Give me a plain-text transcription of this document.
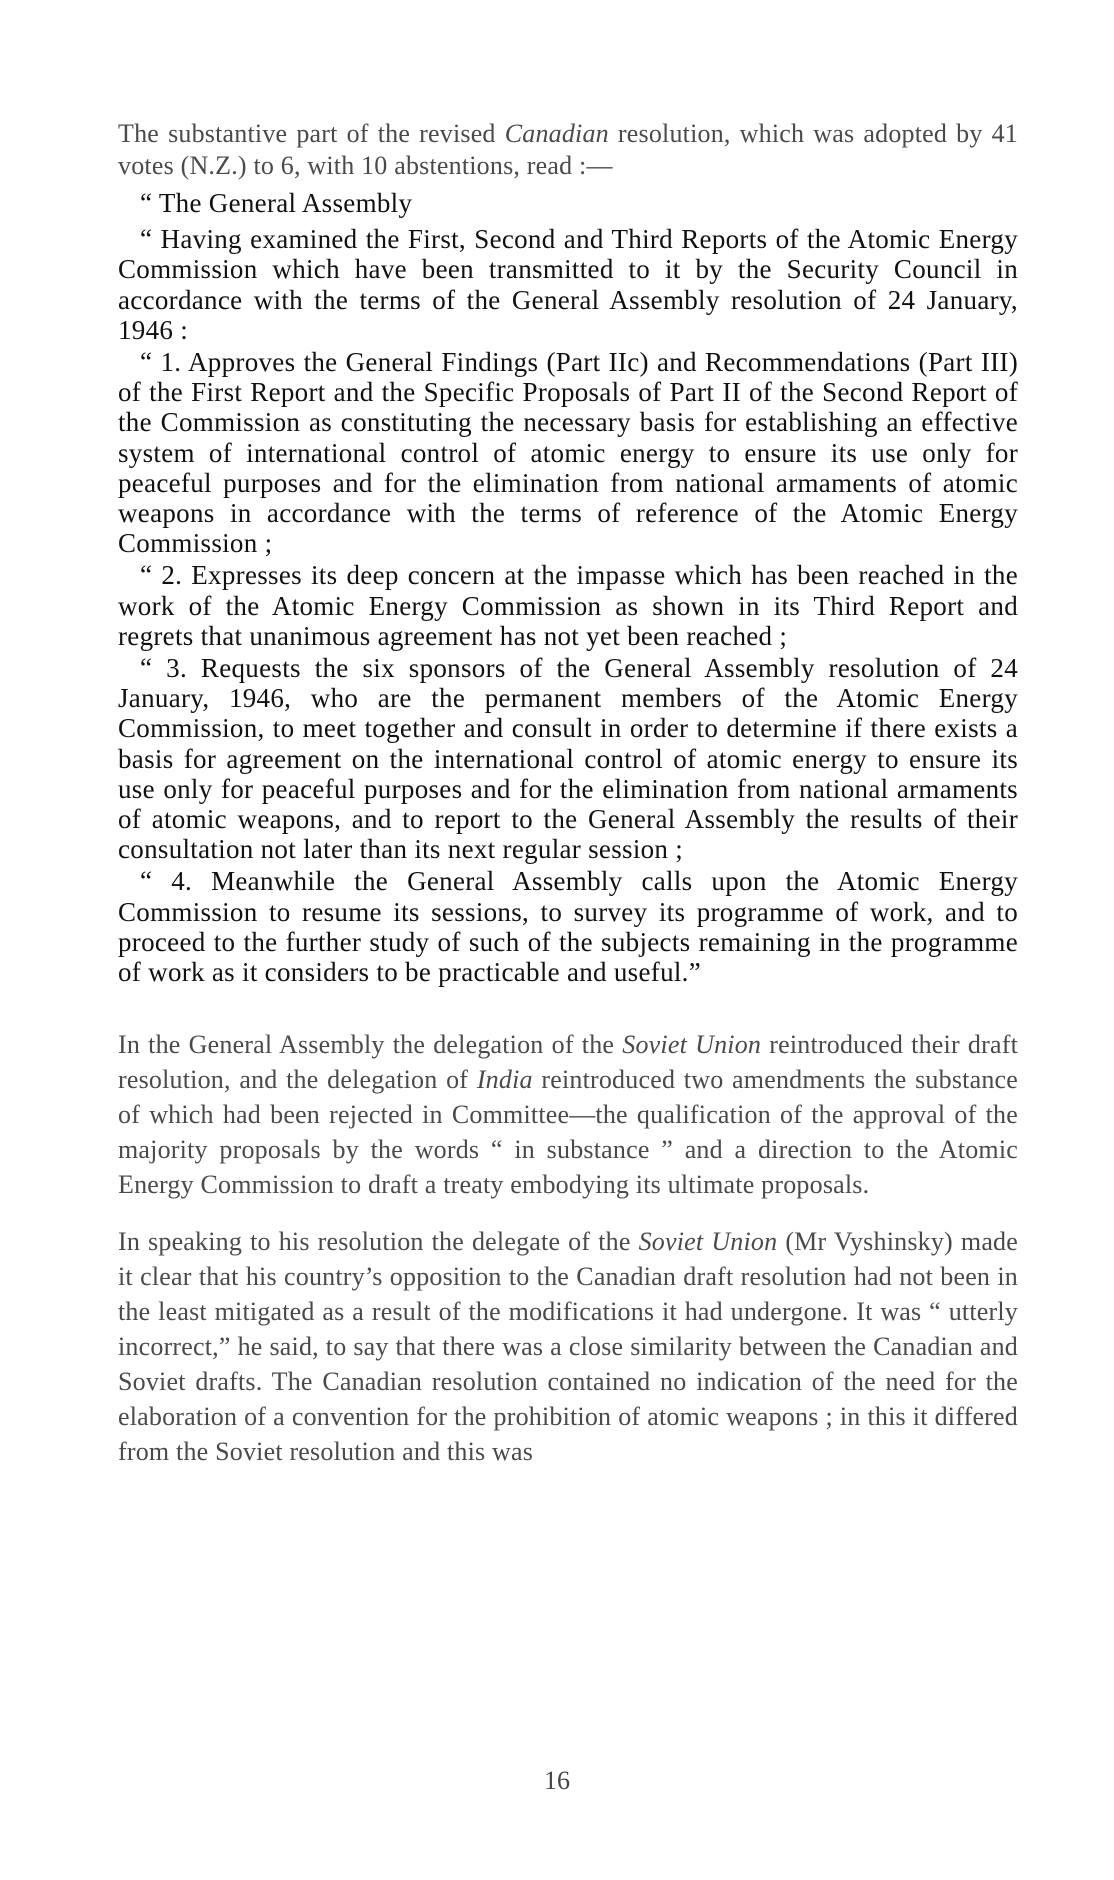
The substantive part of the revised Canadian resolution, which was adopted by 41 votes (N.Z.) to 6, with 10 abstentions, read :—

“ The General Assembly

“ Having examined the First, Second and Third Reports of the Atomic Energy Commission which have been transmitted to it by the Security Council in accordance with the terms of the General Assembly resolution of 24 January, 1946 :

“ 1. Approves the General Findings (Part IIc) and Recommendations (Part III) of the First Report and the Specific Proposals of Part II of the Second Report of the Commission as constituting the necessary basis for establishing an effective system of international control of atomic energy to ensure its use only for peaceful purposes and for the elimination from national armaments of atomic weapons in accordance with the terms of reference of the Atomic Energy Commission ;

“ 2. Expresses its deep concern at the impasse which has been reached in the work of the Atomic Energy Commission as shown in its Third Report and regrets that unanimous agreement has not yet been reached ;

“ 3. Requests the six sponsors of the General Assembly resolution of 24 January, 1946, who are the permanent members of the Atomic Energy Commission, to meet together and consult in order to determine if there exists a basis for agreement on the international control of atomic energy to ensure its use only for peaceful purposes and for the elimination from national armaments of atomic weapons, and to report to the General Assembly the results of their consultation not later than its next regular session ;

“ 4. Meanwhile the General Assembly calls upon the Atomic Energy Commission to resume its sessions, to survey its programme of work, and to proceed to the further study of such of the subjects remaining in the programme of work as it considers to be practicable and useful.”

In the General Assembly the delegation of the Soviet Union reintroduced their draft resolution, and the delegation of India reintroduced two amendments the substance of which had been rejected in Committee—the qualification of the approval of the majority proposals by the words “ in substance ” and a direction to the Atomic Energy Commission to draft a treaty embodying its ultimate proposals.

In speaking to his resolution the delegate of the Soviet Union (Mr Vyshinsky) made it clear that his country’s opposition to the Canadian draft resolution had not been in the least mitigated as a result of the modifications it had undergone. It was “ utterly incorrect,” he said, to say that there was a close similarity between the Canadian and Soviet drafts. The Canadian resolution contained no indication of the need for the elaboration of a convention for the prohibition of atomic weapons ; in this it differed from the Soviet resolution and this was

16
